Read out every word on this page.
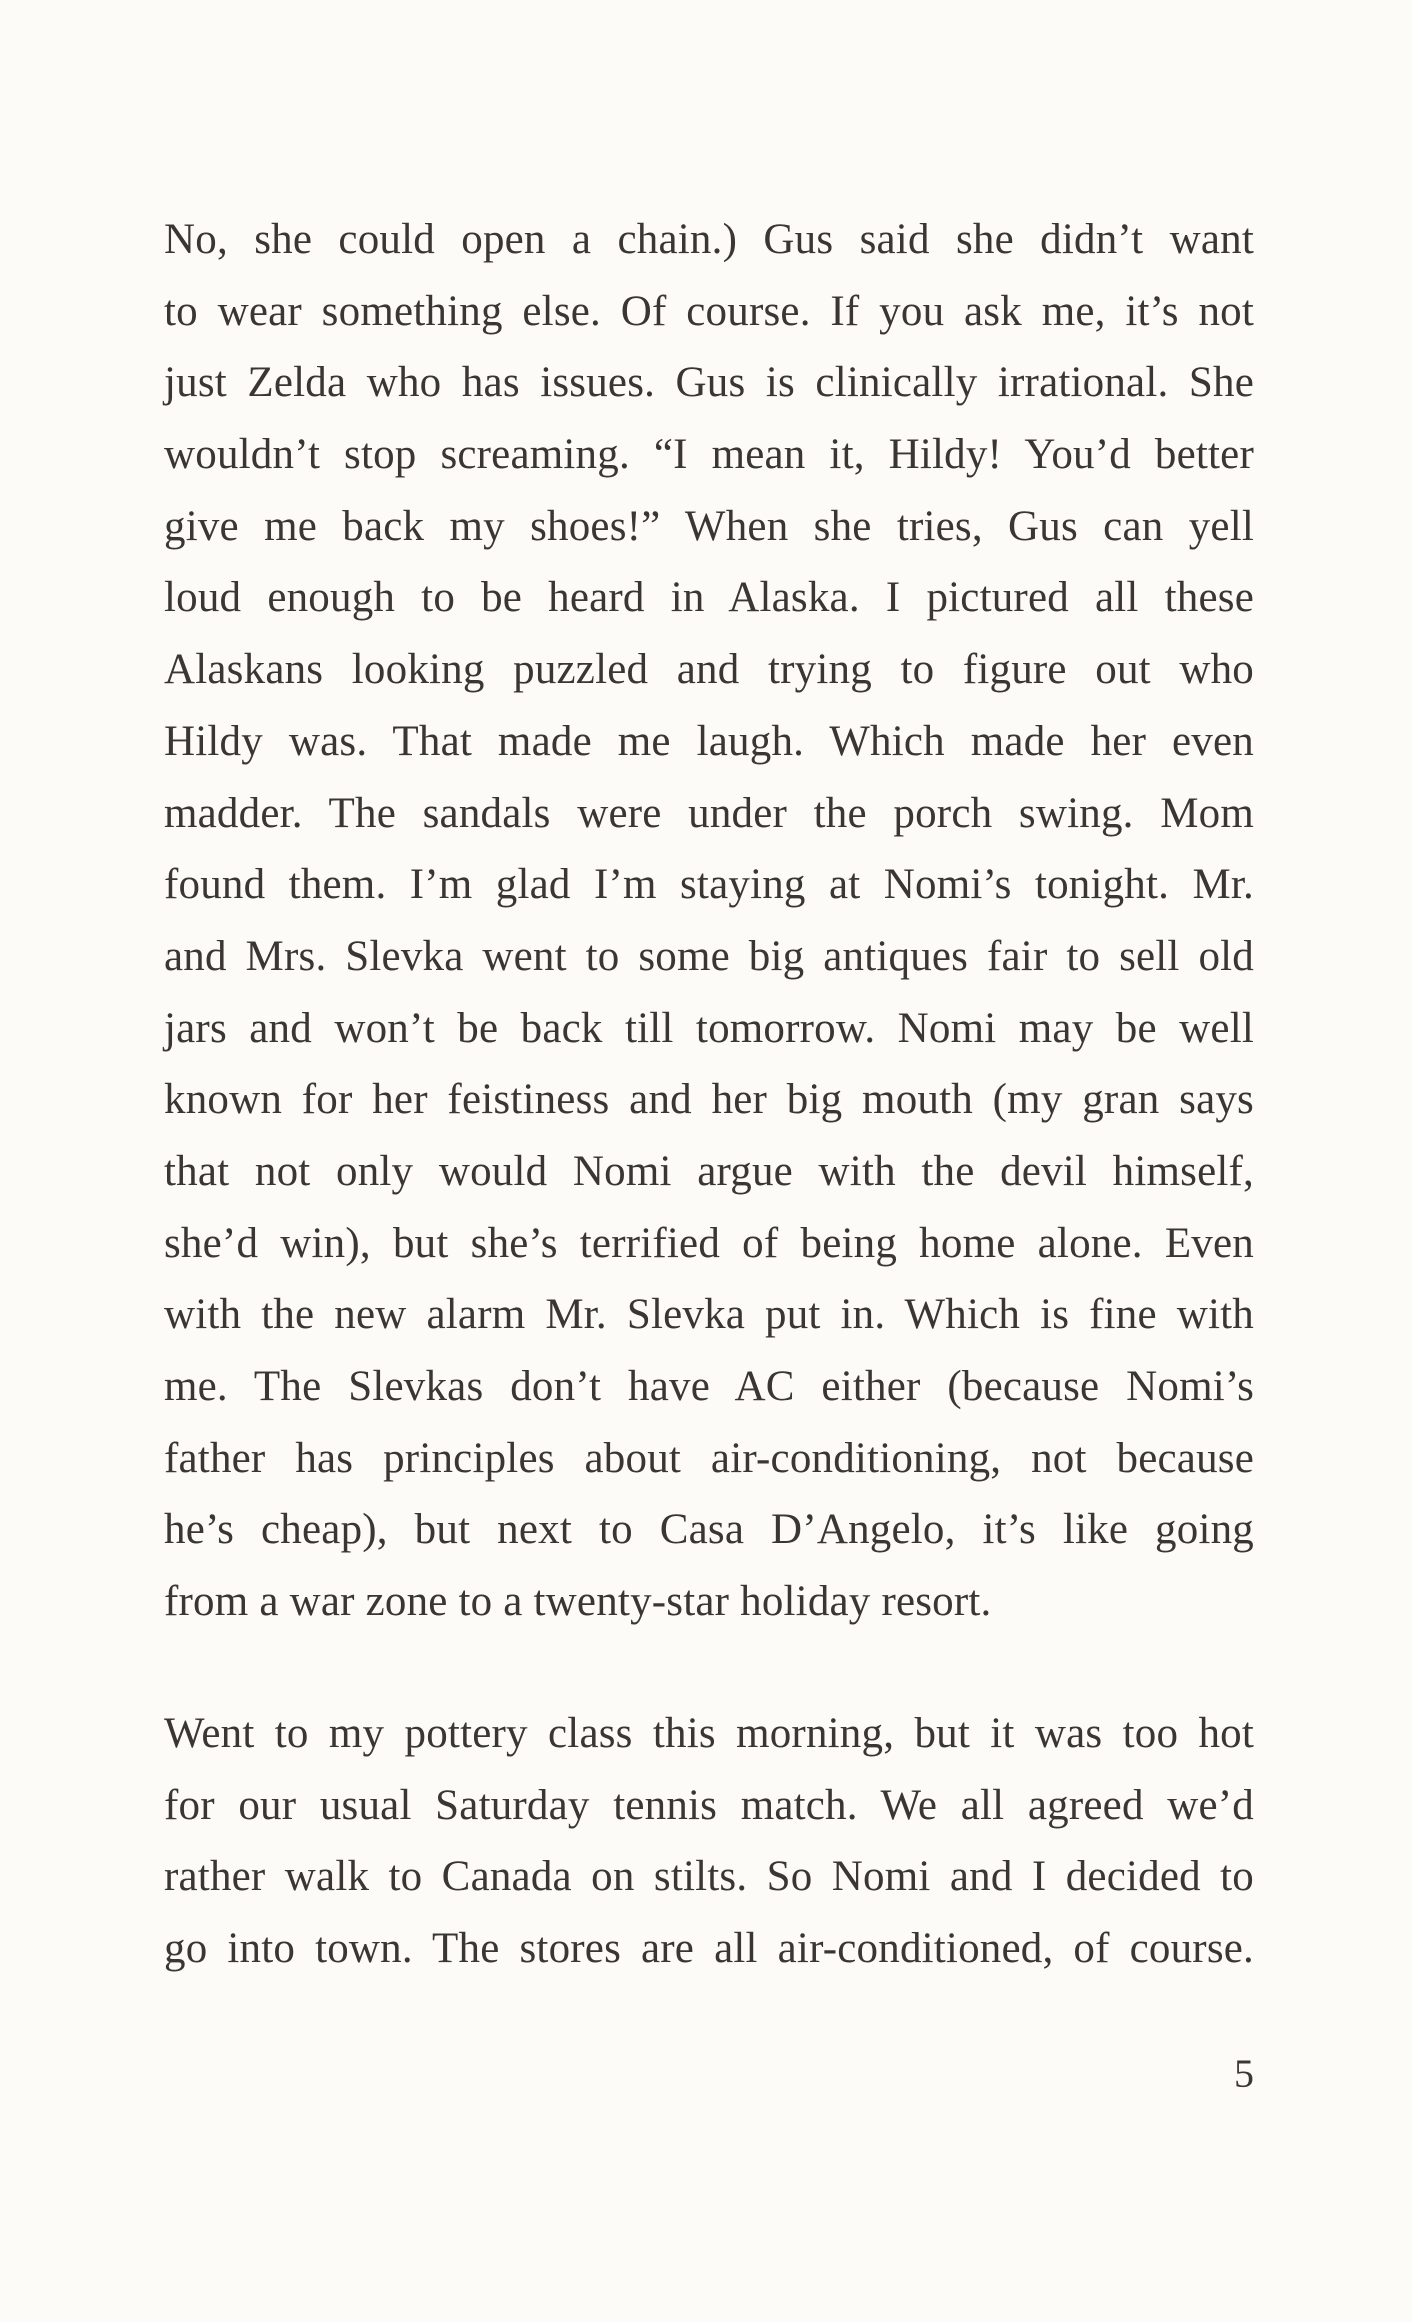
No, she could open a chain.) Gus said she didn’t want
to wear something else. Of course. If you ask me, it’s not
just Zelda who has issues. Gus is clinically irrational. She
wouldn’t stop screaming. “I mean it, Hildy! You’d better
give me back my shoes!” When she tries, Gus can yell
loud enough to be heard in Alaska. I pictured all these
Alaskans looking puzzled and trying to figure out who
Hildy was. That made me laugh. Which made her even
madder. The sandals were under the porch swing. Mom
found them. I’m glad I’m staying at Nomi’s tonight. Mr.
and Mrs. Slevka went to some big antiques fair to sell old
jars and won’t be back till tomorrow. Nomi may be well
known for her feistiness and her big mouth (my gran says
that not only would Nomi argue with the devil himself,
she’d win), but she’s terrified of being home alone. Even
with the new alarm Mr. Slevka put in. Which is fine with
me. The Slevkas don’t have AC either (because Nomi’s
father has principles about air-conditioning, not because
he’s cheap), but next to Casa D’Angelo, it’s like going
from a war zone to a twenty-star holiday resort.
Went to my pottery class this morning, but it was too hot
for our usual Saturday tennis match. We all agreed we’d
rather walk to Canada on stilts. So Nomi and I decided to
go into town. The stores are all air-conditioned, of course.
5
